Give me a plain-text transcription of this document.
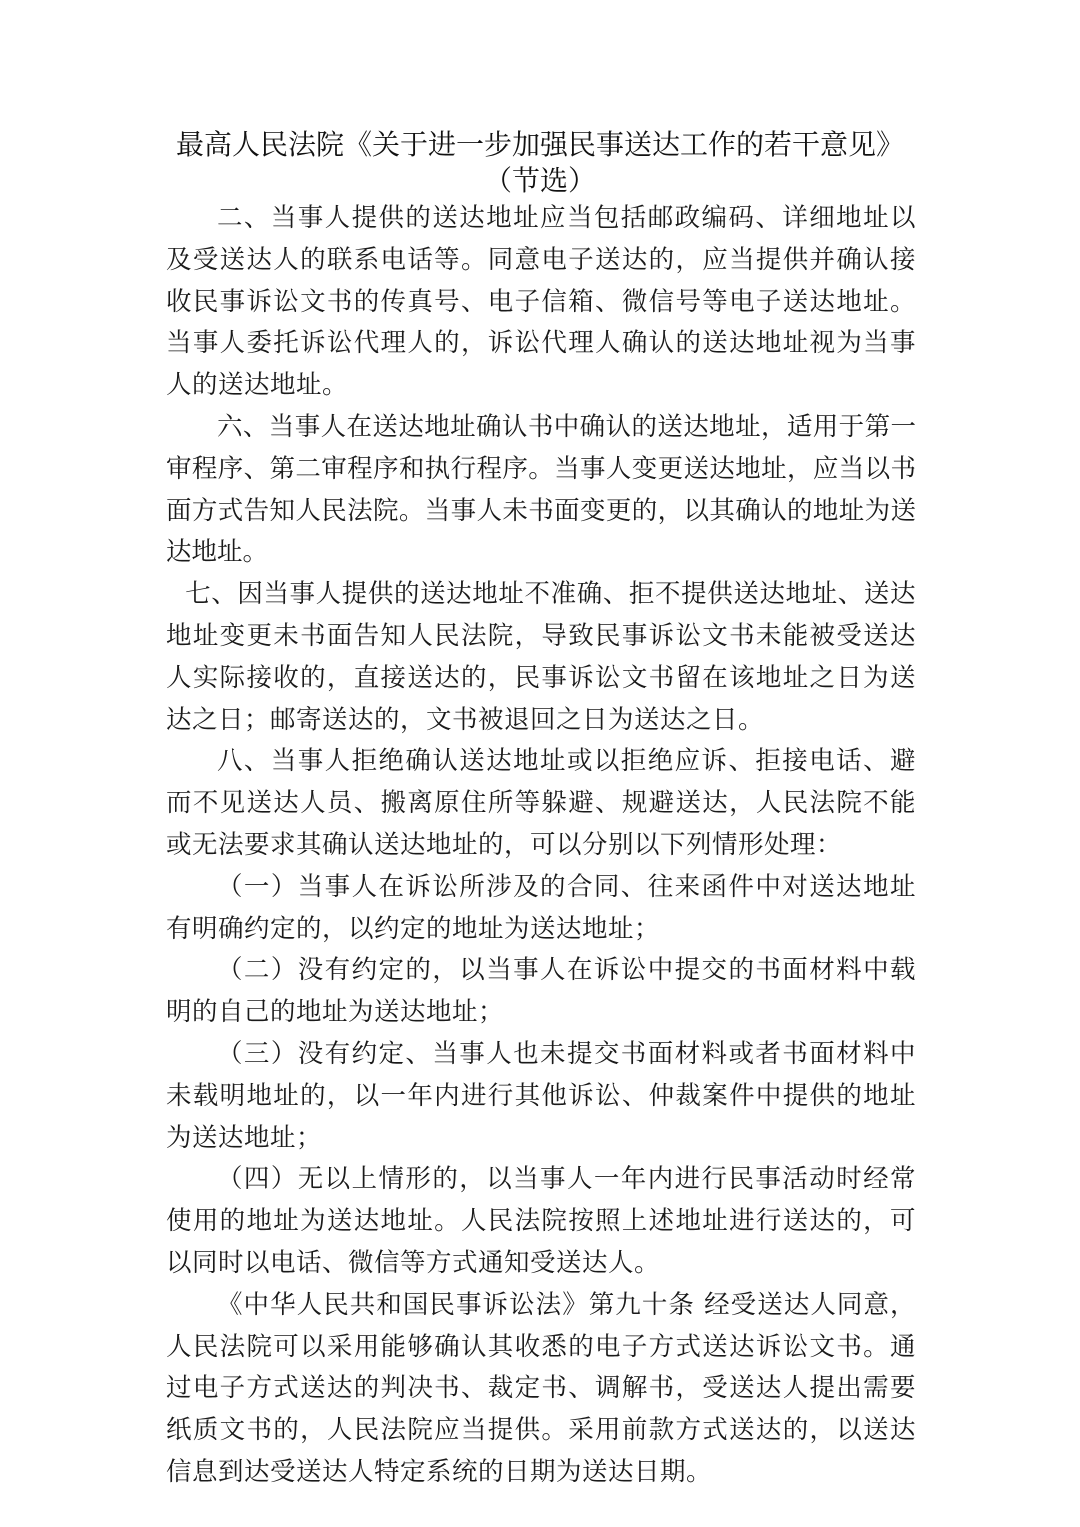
最高人民法院《关于进一步加强民事送达工作的若干意见》
（节选）

二、当事人提供的送达地址应当包括邮政编码、详细地址以及受送达人的联系电话等。同意电子送达的，应当提供并确认接收民事诉讼文书的传真号、电子信箱、微信号等电子送达地址。当事人委托诉讼代理人的，诉讼代理人确认的送达地址视为当事人的送达地址。

六、当事人在送达地址确认书中确认的送达地址，适用于第一审程序、第二审程序和执行程序。当事人变更送达地址，应当以书面方式告知人民法院。当事人未书面变更的，以其确认的地址为送达地址。

七、因当事人提供的送达地址不准确、拒不提供送达地址、送达地址变更未书面告知人民法院，导致民事诉讼文书未能被受送达人实际接收的，直接送达的，民事诉讼文书留在该地址之日为送达之日；邮寄送达的，文书被退回之日为送达之日。

八、当事人拒绝确认送达地址或以拒绝应诉、拒接电话、避而不见送达人员、搬离原住所等躲避、规避送达，人民法院不能或无法要求其确认送达地址的，可以分别以下列情形处理：

（一）当事人在诉讼所涉及的合同、往来函件中对送达地址有明确约定的，以约定的地址为送达地址；

（二）没有约定的，以当事人在诉讼中提交的书面材料中载明的自己的地址为送达地址；

（三）没有约定、当事人也未提交书面材料或者书面材料中未载明地址的，以一年内进行其他诉讼、仲裁案件中提供的地址为送达地址；

（四）无以上情形的，以当事人一年内进行民事活动时经常使用的地址为送达地址。人民法院按照上述地址进行送达的，可以同时以电话、微信等方式通知受送达人。

《中华人民共和国民事诉讼法》第九十条 经受送达人同意，人民法院可以采用能够确认其收悉的电子方式送达诉讼文书。通过电子方式送达的判决书、裁定书、调解书，受送达人提出需要纸质文书的，人民法院应当提供。采用前款方式送达的，以送达信息到达受送达人特定系统的日期为送达日期。
